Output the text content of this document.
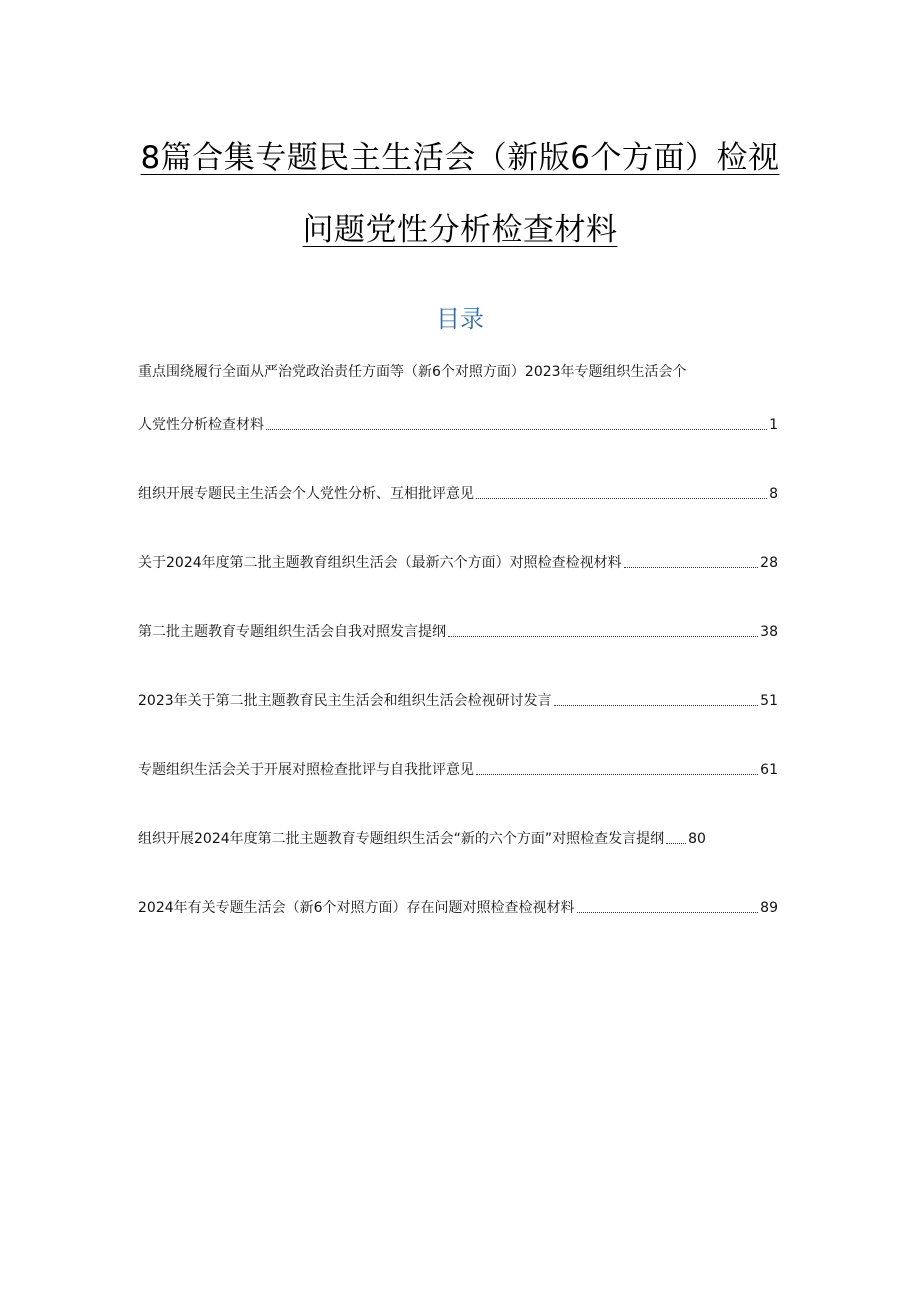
8篇合集专题民主生活会（新版6个方面）检视
问题党性分析检查材料
目录
重点围绕履行全面从严治党政治责任方面等（新6个对照方面）2023年专题组织生活会个
人党性分析检查材料	1
组织开展专题民主生活会个人党性分析、互相批评意见	8
关于2024年度第二批主题教育组织生活会（最新六个方面）对照检查检视材料	28
第二批主题教育专题组织生活会自我对照发言提纲	38
2023年关于第二批主题教育民主生活会和组织生活会检视研讨发言	51
专题组织生活会关于开展对照检查批评与自我批评意见	61
组织开展2024年度第二批主题教育专题组织生活会“新的六个方面”对照检查发言提纲 80
2024年有关专题生活会（新6个对照方面）存在问题对照检查检视材料	89
